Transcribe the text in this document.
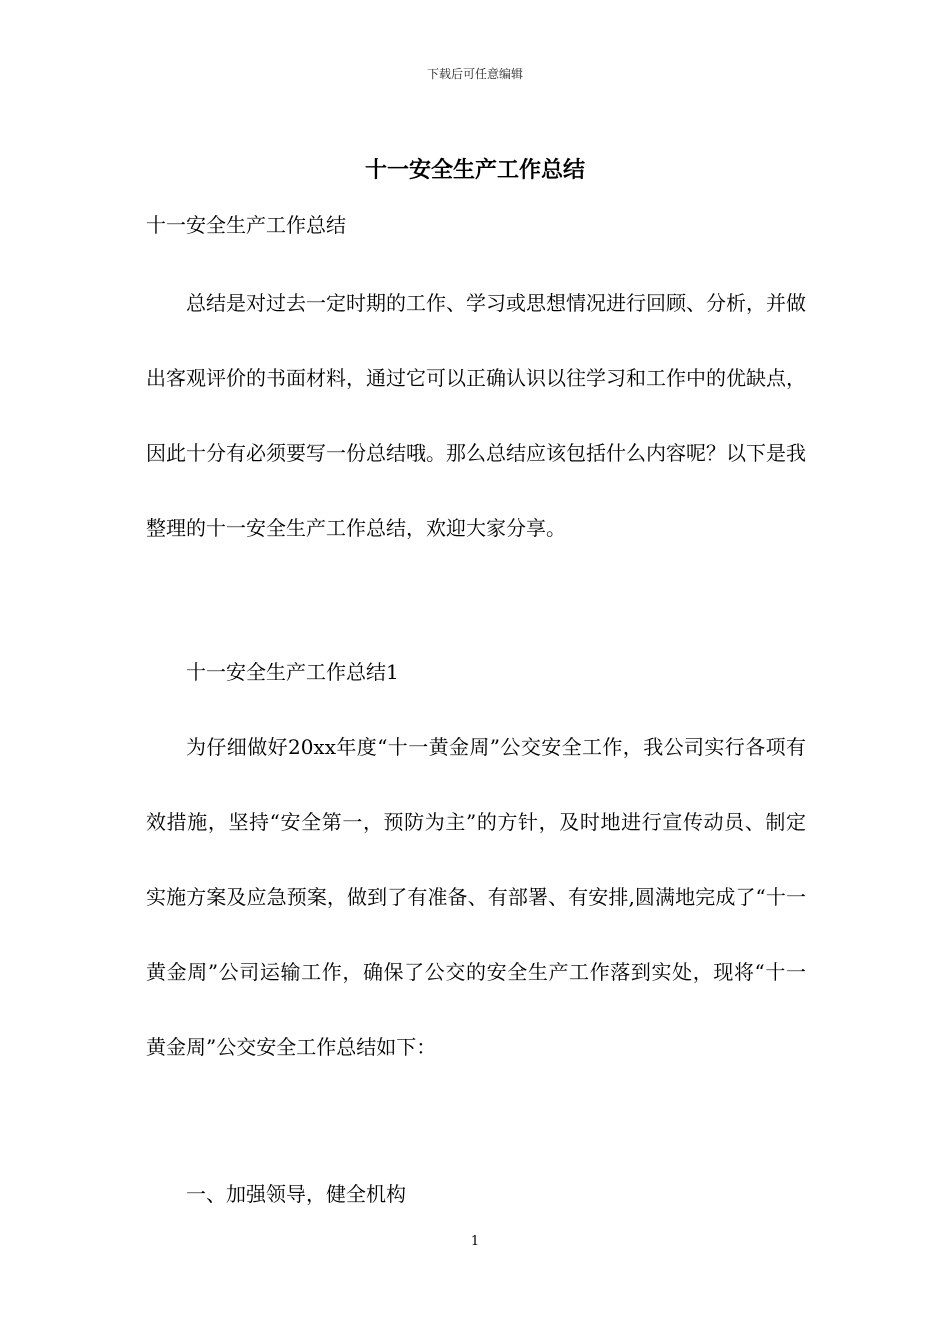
下载后可任意编辑
十一安全生产工作总结

十一安全生产工作总结

总结是对过去一定时期的工作、学习或思想情况进行回顾、分析，并做出客观评价的书面材料，通过它可以正确认识以往学习和工作中的优缺点，因此十分有必须要写一份总结哦。那么总结应该包括什么内容呢？以下是我整理的十一安全生产工作总结，欢迎大家分享。

十一安全生产工作总结1

为仔细做好20xx年度“十一黄金周”公交安全工作，我公司实行各项有效措施，坚持“安全第一，预防为主”的方针，及时地进行宣传动员、制定实施方案及应急预案，做到了有准备、有部署、有安排,圆满地完成了“十一黄金周”公司运输工作，确保了公交的安全生产工作落到实处，现将“十一黄金周”公交安全工作总结如下：

一、加强领导，健全机构

1
